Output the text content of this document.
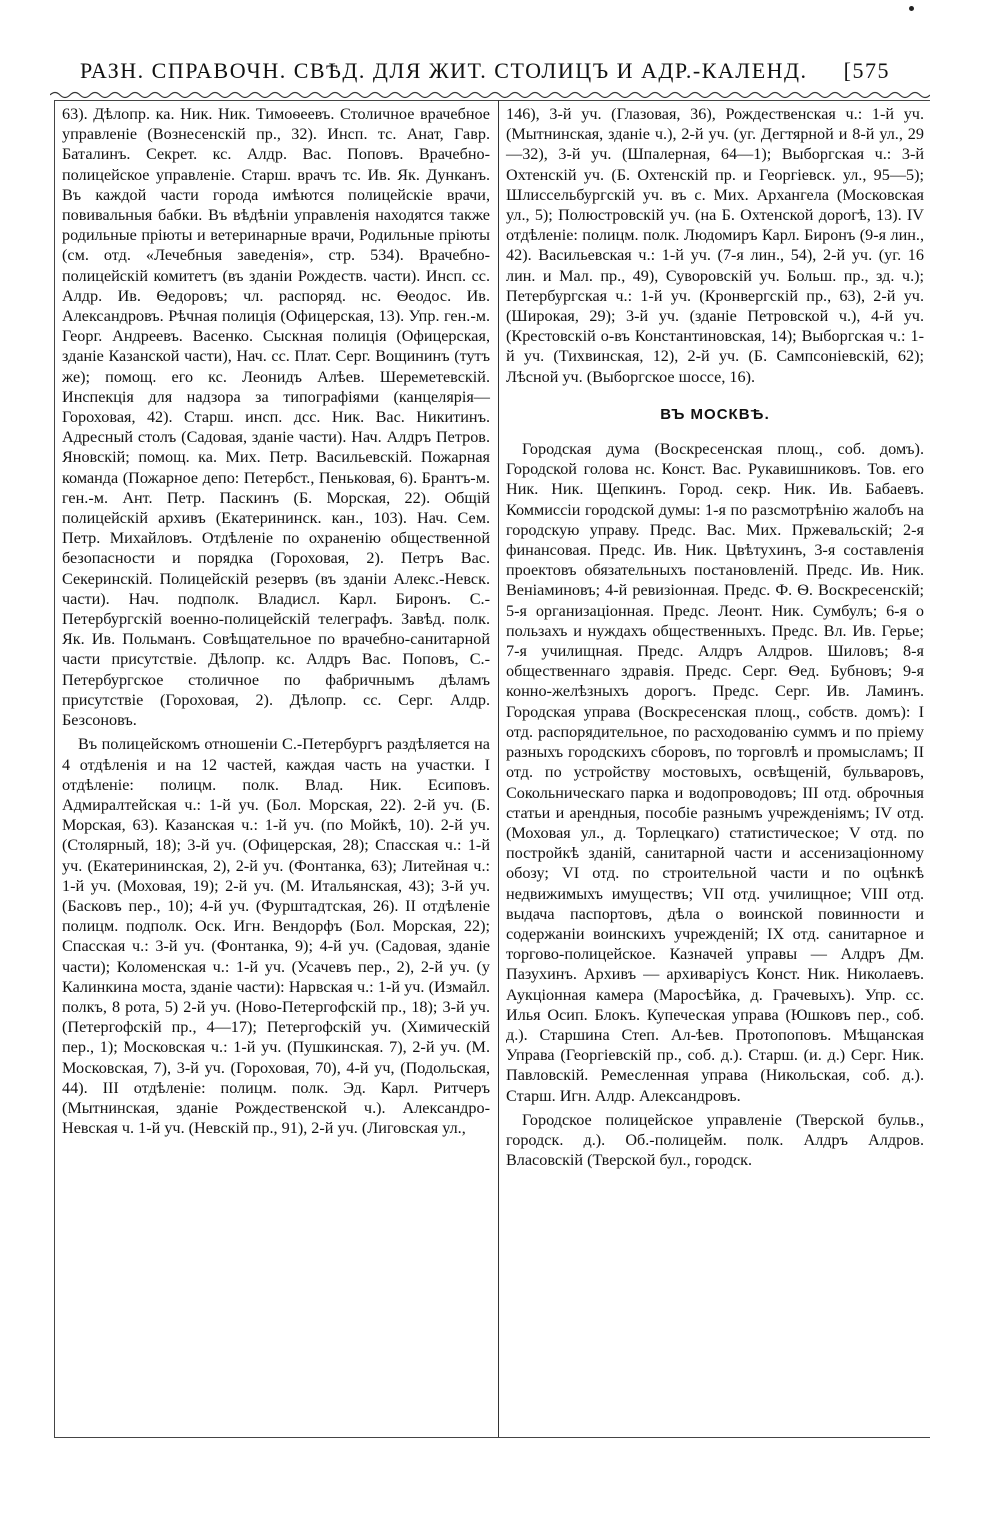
РАЗН. СПРАВОЧН. СВѢД. ДЛЯ ЖИТ. СТОЛИЦЪ И АДР.-КАЛЕНД. [575

63). Дѣлопр. ка. Ник. Ник. Тимоѳеевъ. Столичное врачебное управленіе (Вознесенскій пр., 32). Инсп. тс. Анат, Гавр. Баталинъ. Секрет. кс. Алдр. Вас. Поповъ. Врачебно-полицейское управленіе. Старш. врачъ тс. Ив. Як. Дунканъ. Въ каждой части города имѣются полицейскіе врачи, повивальныя бабки. Въ вѣдѣніи управленія находятся также родильные пріюты и ветеринарные врачи, Родильные пріюты (см. отд. «Лечебныя заведенія», стр. 534). Врачебно-полицейскій комитетъ (въ зданіи Рождеств. части). Инсп. сс. Алдр. Ив. Ѳедоровъ; чл. распоряд. нс. Ѳеодос. Ив. Александровъ. Рѣчная полиція (Офицерская, 13). Упр. ген.-м. Георг. Андреевъ. Васенко. Сыскная полиція (Офицерская, зданіе Казанской части), Нач. сс. Плат. Серг. Вощининъ (тутъ же); помощ. его кс. Леонидъ Алѣев. Шереметевскій. Инспекція для надзора за типографіями (канцелярія—Гороховая, 42). Старш. инсп. дсс. Ник. Вас. Никитинъ. Адресный столъ (Садовая, зданіе части). Нач. Алдръ Петров. Яновскій; помощ. ка. Мих. Петр. Васильевскій. Пожарная команда (Пожарное депо: Петербст., Пеньковая, 6). Брантъ-м. ген.-м. Ант. Петр. Паскинъ (Б. Морская, 22). Общій полицейскій архивъ (Екатерининск. кан., 103). Нач. Сем. Петр. Михайловъ. Отдѣленіе по охраненію общественной безопасности и порядка (Гороховая, 2). Петръ Вас. Секеринскій. Полицейскій резервъ (въ зданіи Алекс.-Невск. части). Нач. подполк. Владисл. Карл. Биронъ. С.-Петербургскій военно-полицейскій телеграфъ. Завѣд. полк. Як. Ив. Польманъ. Совѣщательное по врачебно-санитарной части присутствіе. Дѣлопр. кс. Алдръ Вас. Поповъ, С.-Петербургское столичное по фабричнымъ дѣламъ присутствіе (Гороховая, 2). Дѣлопр. сс. Серг. Алдр. Безсоновъ.

Въ полицейскомъ отношеніи С.-Петербургъ раздѣляется на 4 отдѣленія и на 12 частей, каждая часть на участки. I отдѣленіе: полицм. полк. Влад. Ник. Есиповъ. Адмиралтейская ч.: 1-й уч. (Бол. Морская, 22). 2-й уч. (Б. Морская, 63). Казанская ч.: 1-й уч. (по Мойкѣ, 10). 2-й уч. (Столярный, 18); 3-й уч. (Офицерская, 28); Спасская ч.: 1-й уч. (Екатерининская, 2), 2-й уч. (Фонтанка, 63); Литейная ч.: 1-й уч. (Моховая, 19); 2-й уч. (М. Итальянская, 43); 3-й уч. (Басковъ пер., 10); 4-й уч. (Фурштадтская, 26). II отдѣленіе полицм. подполк. Оск. Игн. Вендорфъ (Бол. Морская, 22); Спасская ч.: 3-й уч. (Фонтанка, 9); 4-й уч. (Садовая, зданіе части); Коломенская ч.: 1-й уч. (Усачевъ пер., 2), 2-й уч. (у Калинкина моста, зданіе части): Нарвская ч.: 1-й уч. (Измайл. полкъ, 8 рота, 5) 2-й уч. (Ново-Петергофскій пр., 18); 3-й уч. (Петергофскій пр., 4—17); Петергофскій уч. (Химическій пер., 1); Московская ч.: 1-й уч. (Пушкинская. 7), 2-й уч. (М. Московская, 7), 3-й уч. (Гороховая, 70), 4-й уч, (Подольская, 44). III отдѣленіе: полицм. полк. Эд. Карл. Ритчеръ (Мытнинская, зданіе Рождественской ч.). Александро-Невская ч. 1-й уч. (Невскій пр., 91), 2-й уч. (Лиговская ул.,

146), 3-й уч. (Глазовая, 36), Рождественская ч.: 1-й уч. (Мытнинская, зданіе ч.), 2-й уч. (уг. Дегтярной и 8-й ул., 29—32), 3-й уч. (Шпалерная, 64—1); Выборгская ч.: 3-й Охтенскій уч. (Б. Охтенскій пр. и Георгіевск. ул., 95—5); Шлиссельбургскій уч. въ с. Мих. Архангела (Московская ул., 5); Полюстровскій уч. (на Б. Охтенской дорогѣ, 13). IV отдѣленіе: полицм. полк. Людомиръ Карл. Биронъ (9-я лин., 42). Васильевская ч.: 1-й уч. (7-я лин., 54), 2-й уч. (уг. 16 лин. и Мал. пр., 49), Суворовскій уч. Больш. пр., зд. ч.); Петербургская ч.: 1-й уч. (Кронвергскій пр., 63), 2-й уч. (Широкая, 29); 3-й уч. (зданіе Петровской ч.), 4-й уч. (Крестовскій о-въ Константиновская, 14); Выборгская ч.: 1-й уч. (Тихвинская, 12), 2-й уч. (Б. Сампсоніевскій, 62); Лѣсной уч. (Выборгское шоссе, 16).

ВЪ МОСКВѢ.

Городская дума (Воскресенская площ., соб. домъ). Городской голова нс. Конст. Вас. Рукавишниковъ. Тов. его Ник. Ник. Щепкинъ. Город. секр. Ник. Ив. Бабаевъ. Коммиссіи городской думы: 1-я по разсмотрѣнію жалобъ на городскую управу. Предс. Вас. Мих. Пржевальскій; 2-я финансовая. Предс. Ив. Ник. Цвѣтухинъ, 3-я составленія проектовъ обязательныхъ постановленій. Предс. Ив. Ник. Веніаминовъ; 4-й ревизіонная. Предс. Ф. Ѳ. Воскресенскій; 5-я организаціонная. Предс. Леонт. Ник. Сумбулъ; 6-я о пользахъ и нуждахъ общественныхъ. Предс. Вл. Ив. Герье; 7-я училищная. Предс. Алдръ Алдров. Шиловъ; 8-я общественнаго здравія. Предс. Серг. Ѳед. Бубновъ; 9-я конно-желѣзныхъ дорогъ. Предс. Серг. Ив. Ламинъ. Городская управа (Воскресенская площ., собств. домъ): I отд. распорядительное, по расходованію суммъ и по пріему разныхъ городскихъ сборовъ, по торговлѣ и промысламъ; II отд. по устройству мостовыхъ, освѣщеній, бульваровъ, Сокольническаго парка и водопроводовъ; III отд. оброчныя статьи и арендныя, пособіе разнымъ учрежденіямъ; IV отд. (Моховая ул., д. Торлецкаго) статистическое; V отд. по постройкѣ зданій, санитарной части и ассенизаціонному обозу; VI отд. по строительной части и по оцѣнкѣ недвижимыхъ имуществъ; VII отд. училищное; VIII отд. выдача паспортовъ, дѣла о воинской повинности и содержаніи воинскихъ учрежденій; IX отд. санитарное и торгово-полицейское. Казначей управы — Алдръ Дм. Пазухинъ. Архивъ — архиваріусъ Конст. Ник. Николаевъ. Аукціонная камера (Маросѣйка, д. Грачевыхъ). Упр. сс. Илья Осип. Блокъ. Купеческая управа (Юшковъ пер., соб. д.). Старшина Степ. Ал-ѣев. Протопоповъ. Мѣщанская Управа (Георгіевскій пр., соб. д.). Старш. (и. д.) Серг. Ник. Павловскій. Ремесленная управа (Никольская, соб. д.). Старш. Игн. Алдр. Александровъ.

Городское полицейское управленіе (Тверской бульв., городск. д.). Об.-полицейм. полк. Алдръ Алдров. Власовскій (Тверской бул., городск.
